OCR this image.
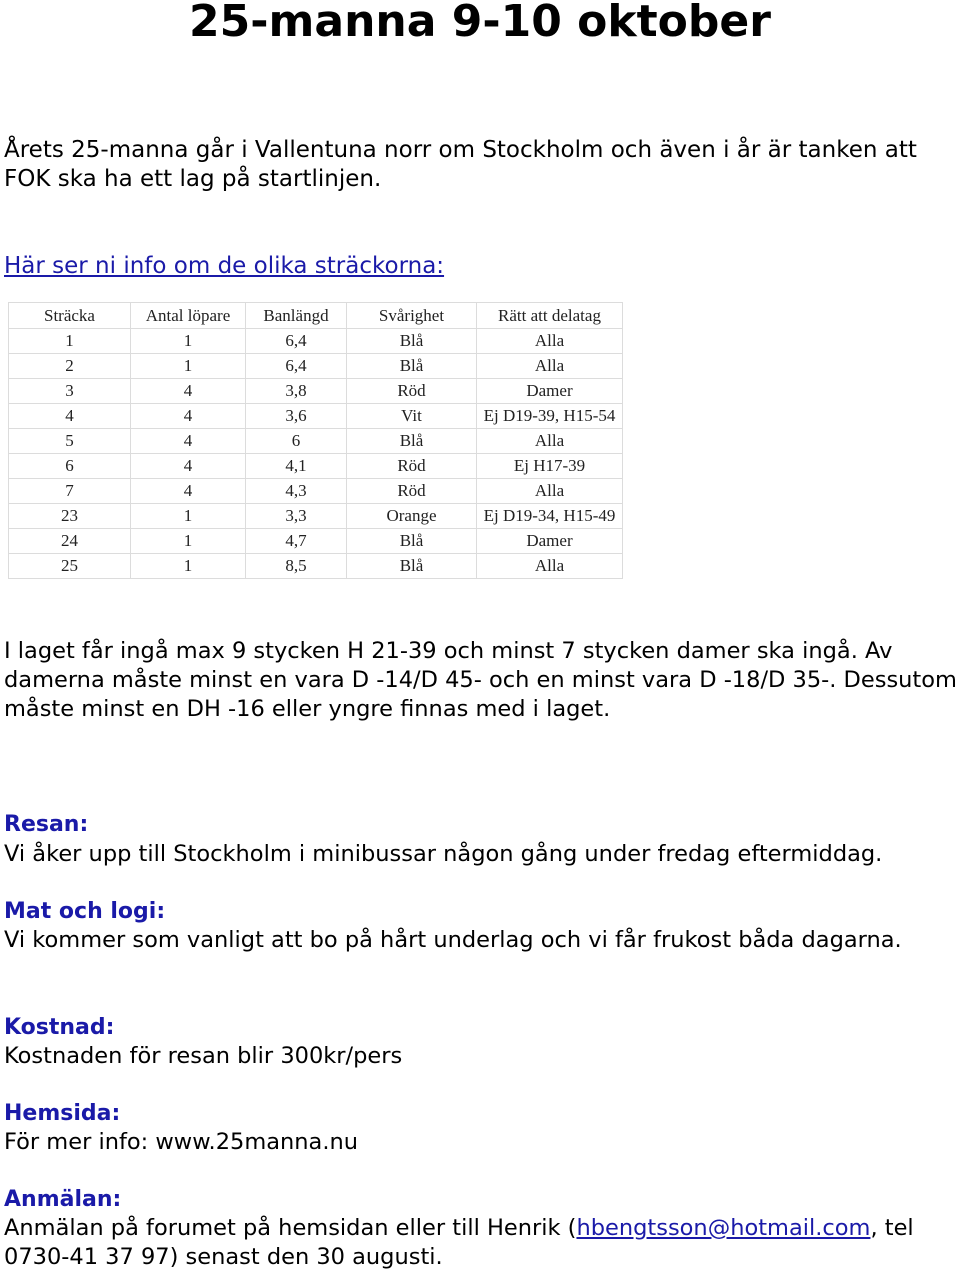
25-manna 9-10 oktober

Årets 25-manna går i Vallentuna norr om Stockholm och även i år är tanken att FOK ska ha ett lag på startlinjen.

Här ser ni info om de olika sträckorna:

Sträcka	Antal löpare	Banlängd	Svårighet	Rätt att delatag
1	1	6,4	Blå	Alla
2	1	6,4	Blå	Alla
3	4	3,8	Röd	Damer
4	4	3,6	Vit	Ej D19-39, H15-54
5	4	6	Blå	Alla
6	4	4,1	Röd	Ej H17-39
7	4	4,3	Röd	Alla
23	1	3,3	Orange	Ej D19-34, H15-49
24	1	4,7	Blå	Damer
25	1	8,5	Blå	Alla

I laget får ingå max 9 stycken H 21-39 och minst 7 stycken damer ska ingå. Av damerna måste minst en vara D -14/D 45- och en minst vara D -18/D 35-. Dessutom måste minst en DH -16 eller yngre finnas med i laget.

Resan:

Vi åker upp till Stockholm i minibussar någon gång under fredag eftermiddag.

Mat och logi:

Vi kommer som vanligt att bo på hårt underlag och vi får frukost båda dagarna.

Kostnad:

Kostnaden för resan blir 300kr/pers

Hemsida:

För mer info: www.25manna.nu

Anmälan:

Anmälan på forumet på hemsidan eller till Henrik (hbengtsson@hotmail.com, tel 0730-41 37 97) senast den 30 augusti.
